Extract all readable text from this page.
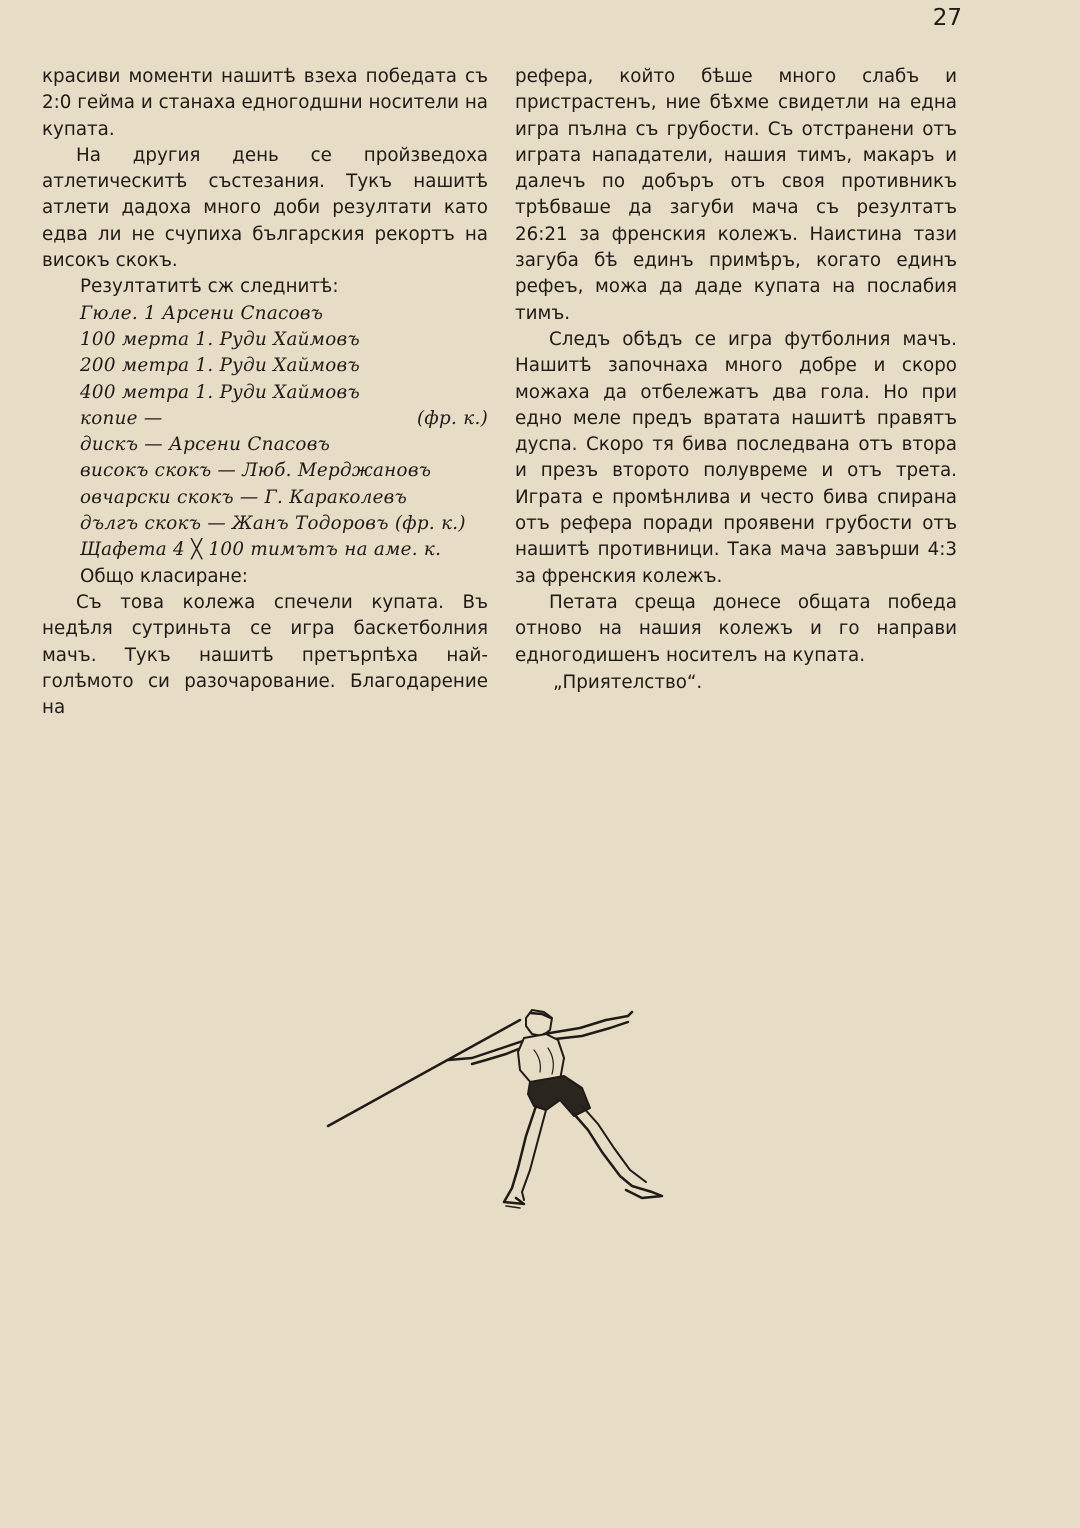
27

красиви моменти нашитѣ взеха победата съ 2:0 гейма и станаха едногодшни носители на купата.

На другия день се пройзведоха атлетическитѣ състезания. Тукъ нашитѣ атлети дадоха много доби резултати като едва ли не счупиха българския рекортъ на високъ скокъ.

Резултатитѣ сж следнитѣ:

Гюле. 1 Арсени Спасовъ

100 мерта 1. Руди Хаймовъ

200 метра 1. Руди Хаймовъ

400 метра 1. Руди Хаймовъ

копие —	(фр. к.)

дискъ — Арсени Спасовъ

високъ скокъ — Люб. Мерджановъ

овчарски скокъ — Г. Караколевъ

дългъ скокъ — Жанъ Тодоровъ (фр. к.)

Щафета 4 ╳ 100 тимътъ на аме. к.

Общо класиране:

Съ това колежа спечели купата. Въ недѣля сутриньта се игра баскетболния мачъ. Тукъ нашитѣ претърпѣха най-голѣмото си разочарование. Благодарение на

рефера, който бѣше много слабъ и пристрастенъ, ние бѣхме свидетли на една игра пълна съ грубости. Съ отстранени отъ играта нападатели, нашия тимъ, макаръ и далечъ по добъръ отъ своя противникъ трѣбваше да загуби мача съ резултатъ 26:21 за френския колежъ. Наистина тази загуба бѣ единъ примѣръ, когато единъ рефеъ, можа да даде купата на послабия тимъ.

Следъ обѣдъ се игра футболния мачъ. Нашитѣ започнаха много добре и скоро можаха да отбележатъ два гола. Но при едно меле предъ вратата нашитѣ правятъ дуспа. Скоро тя бива последвана отъ втора и презъ второто полувреме и отъ трета. Играта е промѣнлива и често бива спирана отъ рефера поради проявени грубости отъ нашитѣ противници. Така мача завърши 4:3 за френския колежъ.

Петата среща донесе общата победа отново на нашия колежъ и го направи едногодишенъ носителъ на купата.

„Приятелство“.
